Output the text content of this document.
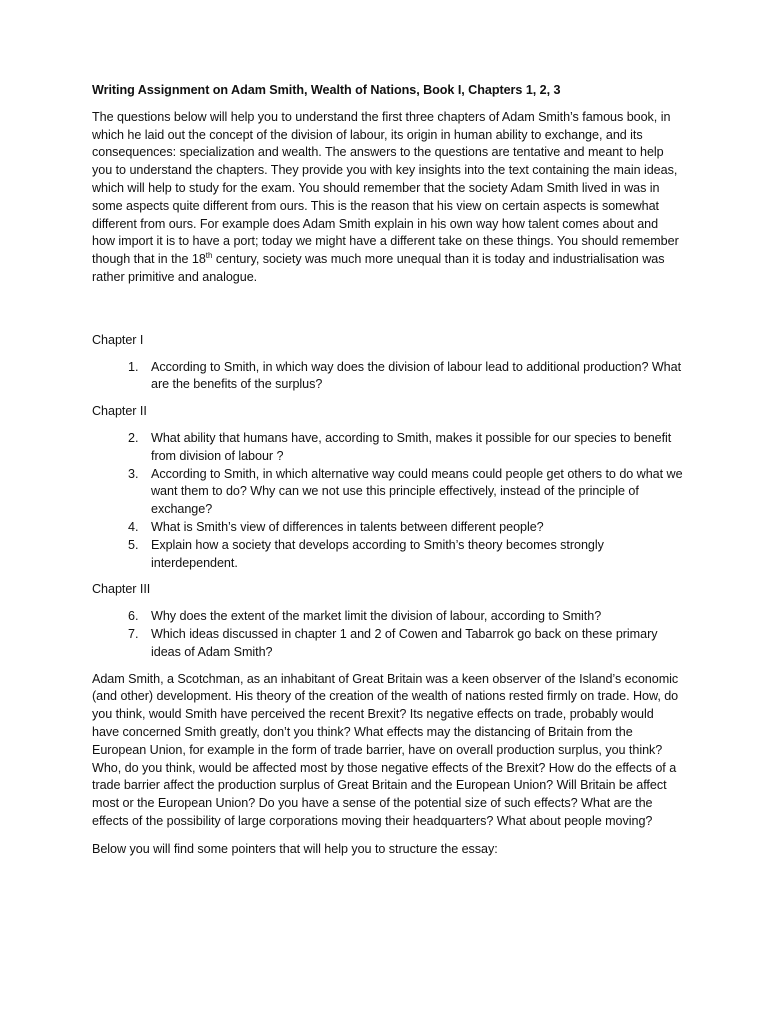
Writing Assignment on Adam Smith, Wealth of Nations, Book I, Chapters 1, 2, 3

The questions below will help you to understand the first three chapters of Adam Smith’s famous book, in which he laid out the concept of the division of labour, its origin in human ability to exchange, and its consequences: specialization and wealth. The answers to the questions are tentative and meant to help you to understand the chapters. They provide you with key insights into the text containing the main ideas, which will help to study for the exam. You should remember that the society Adam Smith lived in was in some aspects quite different from ours. This is the reason that his view on certain aspects is somewhat different from ours. For example does Adam Smith explain in his own way how talent comes about and how import it is to have a port; today we might have a different take on these things. You should remember though that in the 18th century, society was much more unequal than it is today and industrialisation was rather primitive and analogue.

Chapter I
1. According to Smith, in which way does the division of labour lead to additional production? What are the benefits of the surplus?
Chapter II
2. What ability that humans have, according to Smith, makes it possible for our species to benefit from division of labour ?
3. According to Smith, in which alternative way could means could people get others to do what we want them to do? Why can we not use this principle effectively, instead of the principle of exchange?
4. What is Smith’s view of differences in talents between different people?
5. Explain how a society that develops according to Smith’s theory becomes strongly interdependent.
Chapter III
6. Why does the extent of the market limit the division of labour, according to Smith?
7. Which ideas discussed in chapter 1 and 2 of Cowen and Tabarrok go back on these primary ideas of Adam Smith?

Adam Smith, a Scotchman, as an inhabitant of Great Britain was a keen observer of the Island’s economic (and other) development. His theory of the creation of the wealth of nations rested firmly on trade. How, do you think, would Smith have perceived the recent Brexit? Its negative effects on trade, probably would have concerned Smith greatly, don’t you think? What effects may the distancing of Britain from the European Union, for example in the form of trade barrier, have on overall production surplus, you think? Who, do you think, would be affected most by those negative effects of the Brexit? How do the effects of a trade barrier affect the production surplus of Great Britain and the European Union? Will Britain be affect most or the European Union? Do you have a sense of the potential size of such effects? What are the effects of the possibility of large corporations moving their headquarters? What about people moving?

Below you will find some pointers that will help you to structure the essay:
